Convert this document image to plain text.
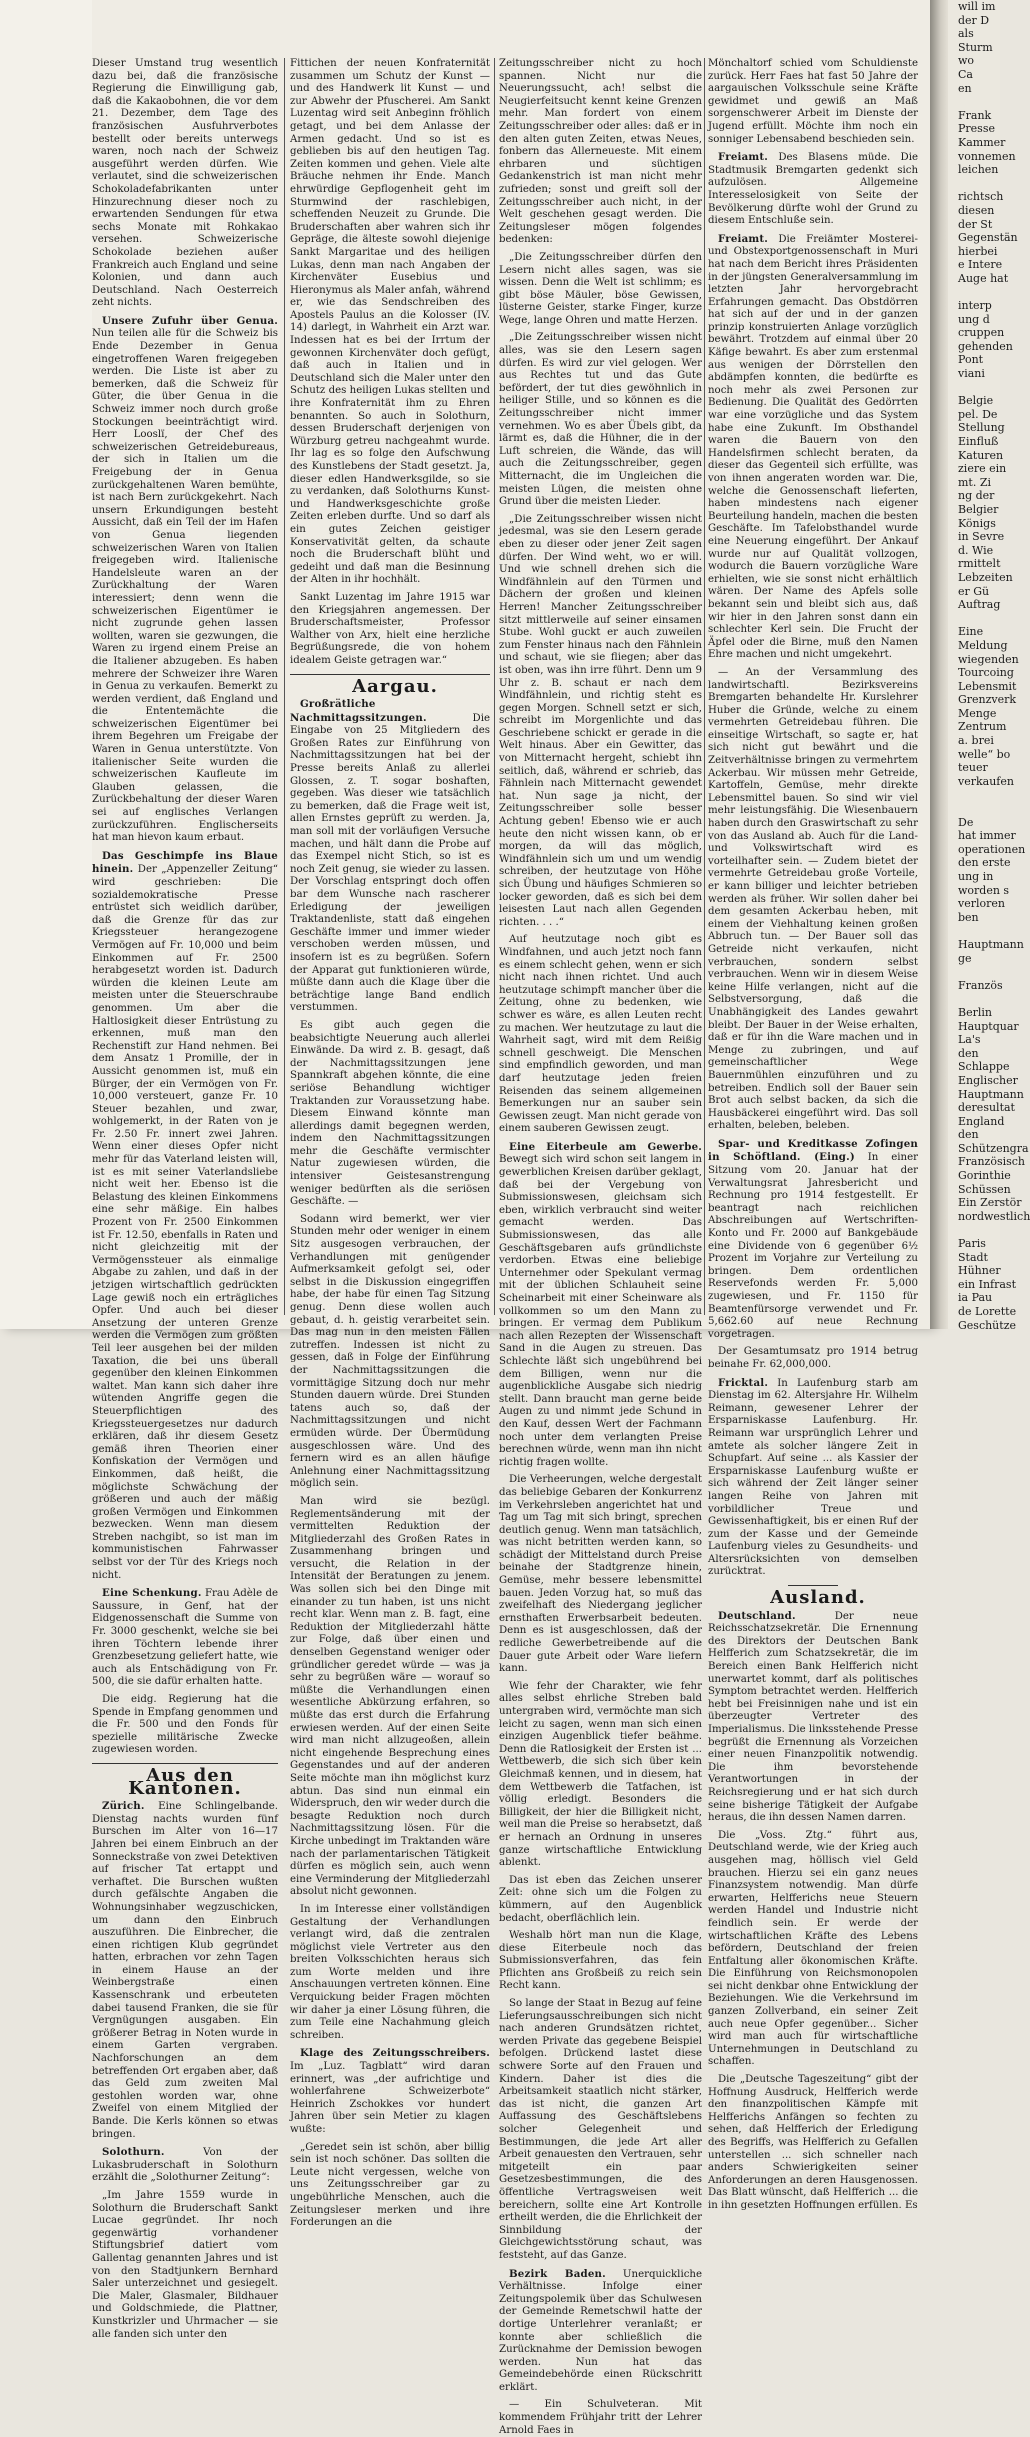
Dieser Umstand trug wesentlich dazu bei, daß die französische Regierung die Einwilligung gab, daß die Kakaobohnen, die vor dem 21. Dezember, dem Tage des französischen Ausfuhrverbotes bestellt oder bereits unterwegs waren, noch nach der Schweiz ausgeführt werden dürfen. Wie verlautet, sind die schweizerischen Schokoladefabrikanten unter Hinzurechnung dieser noch zu erwartenden Sendungen für etwa sechs Monate mit Rohkakao versehen. Schweizerische Schokolade beziehen außer Frankreich auch England und seine Kolonien, und dann auch Deutschland. Nach Oesterreich zeht nichts.

Unsere Zufuhr über Genua. Nun teilen alle für die Schweiz bis Ende Dezember in Genua eingetroffenen Waren freigegeben werden. Die Liste ist aber zu bemerken, daß die Schweiz für Güter, die über Genua in die Schweiz immer noch durch große Stockungen beeinträchtigt wird. Herr Looslï, der Chef des schweizerischen Getreidebureaus, der sich in Italien um die Freigebung der in Genua zurückgehaltenen Waren bemühte, ist nach Bern zurückgekehrt. Nach unsern Erkundigungen besteht Aussicht, daß ein Teil der im Hafen von Genua liegenden schweizerischen Waren von Italien freigegeben wird. Italienische Handelsleute waren an der Zurückhaltung der Waren interessiert; denn wenn die schweizerischen Eigentümer ie nicht zugrunde gehen lassen wollten, waren sie gezwungen, die Waren zu irgend einem Preise an die Italiener abzugeben. Es haben mehrere der Schweizer ihre Waren in Genua zu verkaufen. Bemerkt zu werden verdient, daß England und die Ententemächte die schweizerischen Eigentümer bei ihrem Begehren um Freigabe der Waren in Genua unterstützte. Von italienischer Seite wurden die schweizerischen Kaufleute im Glauben gelassen, die Zurückbehaltung der dieser Waren sei auf englisches Verlangen zurückzuführen. Englischerseits hat man hievon kaum erbaut.

Das Geschimpfe ins Blaue hinein. Der „Appenzeller Zeitung“ wird geschrieben: Die sozialdemokratische Presse entrüstet sich weidlich darüber, daß die Grenze für das zur Kriegssteuer herangezogene Vermögen auf Fr. 10,000 und beim Einkommen auf Fr. 2500 herabgesetzt worden ist. Dadurch würden die kleinen Leute am meisten unter die Steuerschraube genommen. Um aber die Haltlosigkeit dieser Entrüstung zu erkennen, muß man den Rechenstift zur Hand nehmen. Bei dem Ansatz 1 Promille, der in Aussicht genommen ist, muß ein Bürger, der ein Vermögen von Fr. 10,000 versteuert, ganze Fr. 10 Steuer bezahlen, und zwar, wohlgemerkt, in der Raten von je Fr. 2.50 Fr. innert zwei Jahren. Wenn einer dieses Opfer nicht mehr für das Vaterland leisten will, ist es mit seiner Vaterlandsliebe nicht weit her. Ebenso ist die Belastung des kleinen Einkommens eine sehr mäßige. Ein halbes Prozent von Fr. 2500 Einkommen ist Fr. 12.50, ebenfalls in Raten und nicht gleichzeitig mit der Vermögenssteuer als einmalige Abgabe zu zahlen, und daß in der jetzigen wirtschaftlich gedrückten Lage gewiß noch ein erträgliches Opfer. Und auch bei dieser Ansetzung der unteren Grenze werden die Vermögen zum größten Teil leer ausgehen bei der milden Taxation, die bei uns überall gegenüber den kleinen Einkommen waltet. Man kann sich daher ihre wütenden Angriffe gegen die Steuerpflichtigen des Kriegssteuergesetzes nur dadurch erklären, daß ihr diesem Gesetz gemäß ihren Theorien einer Konfiskation der Vermögen und Einkommen, daß heißt, die möglichste Schwächung der größeren und auch der mäßig großen Vermögen und Einkommen bezwecken. Wenn man diesem Streben nachgibt, so ist man im kommunistischen Fahrwasser selbst vor der Tür des Kriegs noch nicht.

Eine Schenkung. Frau Adèle de Saussure, in Genf, hat der Eidgenossenschaft die Summe von Fr. 3000 geschenkt, welche sie bei ihren Töchtern lebende ihrer Grenzbesetzung geliefert hatte, wie auch als Entschädigung von Fr. 500, die sie dafür erhalten hatte.

Die eidg. Regierung hat die Spende in Empfang genommen und die Fr. 500 und den Fonds für spezielle militärische Zwecke zugewiesen worden.

Aus den Kantonen.

Zürich. Eine Schlingelbande. Dienstag nachts wurden fünf Burschen im Alter von 16—17 Jahren bei einem Einbruch an der Sonneckstraße von zwei Detektiven auf frischer Tat ertappt und verhaftet. Die Burschen wußten durch gefälschte Angaben die Wohnungsinhaber wegzuschicken, um dann den Einbruch auszuführen. Die Einbrecher, die einen richtigen Klub gegründet hatten, erbrachen vor zehn Tagen in einem Hause an der Weinbergstraße einen Kassenschrank und erbeuteten dabei tausend Franken, die sie für Vergnügungen ausgaben. Ein größerer Betrag in Noten wurde in einem Garten vergraben. Nachforschungen an dem betreffenden Ort ergaben aber, daß das Geld zum zweiten Mal gestohlen worden war, ohne Zweifel von einem Mitglied der Bande. Die Kerls können so etwas bringen.

Solothurn.	Von der Lukasbruderschaft in Solothurn erzählt die „Solothurner Zeitung“:

„Im Jahre 1559 wurde in Solothurn die Bruderschaft Sankt Lucae gegründet. Ihr noch gegenwärtig vorhandener Stiftungsbrief datiert vom Gallentag genannten Jahres und ist von den Stadtjunkern Bernhard Saler unterzeichnet und gesiegelt. Die Maler, Glasmaler, Bildhauer und Goldschmiede, die Plattner, Kunstkrizler und Uhrmacher — sie alle fanden sich unter den

Fittichen der neuen Konfraternität zusammen um Schutz der Kunst — und des Handwerk lit Kunst — und zur Abwehr der Pfuscherei. Am Sankt Luzentag wird seit Anbeginn fröhlich getagt, und bei dem Anlasse der Armen gedacht. Und so ist es geblieben bis auf den heutigen Tag. Zeiten kommen und gehen. Viele alte Bräuche nehmen ihr Ende. Manch ehrwürdige Gepflogenheit geht im Sturmwind der raschlebigen, scheffenden Neuzeit zu Grunde. Die Bruderschaften aber wahren sich ihr Gepräge, die älteste sowohl diejenige Sankt Margaritae und des heiligen Lukas, denn man nach Angaben der Kirchenväter Eusebius und Hieronymus als Maler anfah, während er, wie das Sendschreiben des Apostels Paulus an die Kolosser (IV. 14) darlegt, in Wahrheit ein Arzt war. Indessen hat es bei der Irrtum der gewonnen Kirchenväter doch gefügt, daß auch in Italien und in Deutschland sich die Maler unter den Schutz des heiligen Lukas stellten und ihre Konfraternität ihm zu Ehren benannten. So auch in Solothurn, dessen Bruderschaft derjenigen von Würzburg getreu nachgeahmt wurde. Ihr lag es so folge den Aufschwung des Kunstlebens der Stadt gesetzt. Ja, dieser edlen Handwerksgilde, so sie zu verdanken, daß Solothurns Kunst- und Handwerksgeschichte große Zeiten erleben durfte. Und so darf als ein gutes Zeichen geistiger Konservativität gelten, da schaute noch die Bruderschaft blüht und gedeiht und daß man die Besinnung der Alten in ihr hochhält.

Sankt Luzentag im Jahre 1915 war den Kriegsjahren angemessen. Der Bruderschaftsmeister, Professor Walther von Arx, hielt eine herzliche Begrüßungsrede, die von hohem idealem Geiste getragen war.“

Aargau.

Großrätliche Nachmittagssitzungen.	Die Eingabe von 25 Mitgliedern des Großen Rates zur Einführung von Nachmittagssitzungen hat bei der Presse bereits Anlaß zu allerlei Glossen, z. T. sogar boshaften, gegeben. Was dieser wie tatsächlich zu bemerken, daß die Frage weit ist, allen Ernstes geprüft zu werden. Ja, man soll mit der vorläufigen Versuche machen, und hält dann die Probe auf das Exempel nicht Stich, so ist es noch Zeit genug, sie wieder zu lassen. Der Vorschlag entspringt doch offen bar dem Wunsche nach rascherer Erledigung der jeweiligen Traktandenliste, statt daß eingehen Geschäfte immer und immer wieder verschoben werden müssen, und insofern ist es zu begrüßen. Sofern der Apparat gut funktionieren würde, müßte dann auch die Klage über die beträchtige lange Band endlich verstummen.

Es gibt auch gegen die beabsichtigte Neuerung auch allerlei Einwände. Da wird z. B. gesagt, daß der Nachmittagssitzungen jene Spannkraft abgehen könnte, die eine seriöse Behandlung wichtiger Traktanden zur Voraussetzung habe. Diesem Einwand könnte man allerdings damit begegnen werden, indem den Nachmittagssitzungen mehr die Geschäfte vermischter Natur zugewiesen würden, die intensiver Geistesanstrengung weniger bedürften als die seriösen Geschäfte. —

Sodann wird bemerkt, wer vier Stunden mehr oder weniger in einem Sitz ausgesogen verbrauchen, der Verhandlungen mit genügender Aufmerksamkeit gefolgt sei, oder selbst in die Diskussion eingegriffen habe, der habe für einen Tag Sitzung genug. Denn diese wollen auch gebaut, d. h. geistig verarbeitet sein. Das mag nun in den meisten Fällen zutreffen. Indessen ist nicht zu gessen, daß in Folge der Einführung der Nachmittagssitzungen die vormittägige Sitzung doch nur mehr Stunden dauern würde. Drei Stunden tatens auch so, daß der Nachmittagssitzungen und nicht ermüden würde. Der Übermüdung ausgeschlossen wäre. Und des fernern wird es an allen häufige Anlehnung einer Nachmittagssitzung möglich sein.

Man wird sie bezügl. Reglementsänderung mit der vermittelten Reduktion der Mitgliederzahl des Großen Rates in Zusammenhang bringen und versucht, die Relation in der Intensität der Beratungen zu jenem. Was sollen sich bei den Dinge mit einander zu tun haben, ist uns nicht recht klar. Wenn man z. B. fagt, eine Reduktion der Mitgliederzahl hätte zur Folge, daß über einen und denselben Gegenstand weniger oder gründlicher geredet würde — was ja sehr zu begrüßen wäre — worauf so müßte die Verhandlungen einen wesentliche Abkürzung erfahren, so müßte das erst durch die Erfahrung erwiesen werden. Auf der einen Seite wird man nicht allzugeoßen, allein nicht eingehende Besprechung eines Gegenstandes und auf der anderen Seite möchte man ihn möglichst kurz abtun. Das sind nun einmal ein Widerspruch, den wir weder durch die besagte Reduktion noch durch Nachmittagssitzung lösen. Für die Kirche unbedingt im Traktanden wäre nach der parlamentarischen Tätigkeit dürfen es möglich sein, auch wenn eine Verminderung der Mitgliederzahl absolut nicht gewonnen.

In im Interesse einer vollständigen Gestaltung der Verhandlungen verlangt wird, daß die zentralen möglichst viele Vertreter aus den breiten Volksschichten heraus sich zum Worte melden und ihre Anschauungen vertreten können. Eine Verquickung beider Fragen möchten wir daher ja einer Lösung führen, die zum Teile eine Nachahmung gleich schreiben.

Klage des Zeitungsschreibers. Im „Luz. Tagblatt“ wird daran erinnert, was „der aufrichtige und wohlerfahrene Schweizerbote“ Heinrich Zschokkes vor hundert Jahren über sein Metier zu klagen wußte:

„Geredet sein ist schön, aber billig sein ist noch schöner. Das sollten die Leute nicht vergessen, welche von uns Zeitungsschreiber gar zu ungebührliche Menschen, auch die Zeitungsleser merken und ihre Forderungen an die

Zeitungsschreiber nicht zu hoch spannen. Nicht nur die Neuerungssucht, ach! selbst die Neugierfeitsucht kennt keine Grenzen mehr. Man fordert von einem Zeitungsschreiber oder alles: daß er in den alten guten Zeiten, etwas Neues, fonbern das Allerneueste. Mit einem ehrbaren und süchtigen Gedankenstrich ist man nicht mehr zufrieden; sonst und greift soll der Zeitungsschreiber auch nicht, in der Welt geschehen gesagt werden. Die Zeitungsleser mögen folgendes bedenken:

„Die Zeitungsschreiber dürfen den Lesern nicht alles sagen, was sie wissen. Denn die Welt ist schlimm; es gibt böse Mäuler, böse Gewissen, lüsterne Geister, starke Finger, kurze Wege, lange Ohren und matte Herzen.

„Die Zeitungsschreiber wissen nicht alles, was sie den Lesern sagen dürfen. Es wird zur viel gelogen. Wer aus Rechtes tut und das Gute befördert, der tut dies gewöhnlich in heiliger Stille, und so können es die Zeitungsschreiber nicht immer vernehmen. Wo es aber Übels gibt, da lärmt es, daß die Hühner, die in der Luft schreien, die Wände, das will auch die Zeitungsschreiber, gegen Mitternacht, die im Ungleichen die meisten Lügen, die meisten ohne Grund über die meisten Lieder.

„Die Zeitungsschreiber wissen nicht jedesmal, was sie den Lesern gerade eben zu dieser oder jener Zeit sagen dürfen. Der Wind weht, wo er will. Und wie schnell drehen sich die Windfähnlein auf den Türmen und Dächern der großen und kleinen Herren! Mancher Zeitungsschreiber sitzt mittlerweile auf seiner einsamen Stube. Wohl guckt er auch zuweilen zum Fenster hinaus nach den Fähnlein und schaut, wie sie fliegen; aber das ist oben, was ihn irre führt. Denn um 9 Uhr z. B. schaut er nach dem Windfähnlein, und richtig steht es gegen Morgen. Schnell setzt er sich, schreibt im Morgenlichte und das Geschriebene schickt er gerade in die Welt hinaus. Aber ein Gewitter, das von Mitternacht hergeht, schiebt ihn seitlich, daß, während er schrieb, das Fähnlein nach Mitternacht gewendet hat. Nun sage ja nicht, der Zeitungsschreiber solle besser Achtung geben! Ebenso wie er auch heute den nicht wissen kann, ob er morgen, da will das möglich, Windfähnlein sich um und um wendig schreiben, der heutzutage von Höhe sich Übung und häufiges Schmieren so locker geworden, daß es sich bei dem leisesten Laut nach allen Gegenden richten. . . .“

Auf heutzutage noch gibt es Windfahnen, und auch jetzt noch fann es einem schlecht gehen, wenn er sich nicht nach ihnen richtet. Und auch heutzutage schimpft mancher über die Zeitung, ohne zu bedenken, wie schwer es wäre, es allen Leuten recht zu machen. Wer heutzutage zu laut die Wahrheit sagt, wird mit dem Reißig schnell geschweigt. Die Menschen sind empfindlich geworden, und man darf heutzutage jeden freien Reisenden das seinem allgemeinen Bemerkungen nur an sauber sein Gewissen zeugt. Man nicht gerade von einem sauberen Gewissen zeugt.

Eine Eiterbeule am Gewerbe. Bewegt sich wird schon seit langem in gewerblichen Kreisen darüber geklagt, daß bei der Vergebung von Submissionswesen, gleichsam sich eben, wirklich verbraucht sind weiter gemacht werden. Das Submissionswesen, das alle Geschäftsgebaren aufs gründlichste verdorben. Etwas eine beliebige Unternehmer oder Spekulant vermag mit der üblichen Schlauheit seine Scheinarbeit mit einer Scheinware als vollkommen so um den Mann zu bringen. Er vermag dem Publikum nach allen Rezepten der Wissenschaft Sand in die Augen zu streuen. Das Schlechte läßt sich ungebührend bei dem Billigen, wenn nur die augenblickliche Ausgabe sich niedrig stellt. Dann braucht man gerne beide Augen zu und nimmt jede Schund in den Kauf, dessen Wert der Fachmann noch unter dem verlangten Preise berechnen würde, wenn man ihn nicht richtig fragen wollte.

Die Verheerungen, welche dergestalt das beliebige Gebaren der Konkurrenz im Verkehrsleben angerichtet hat und Tag um Tag mit sich bringt, sprechen deutlich genug. Wenn man tatsächlich, was nicht betritten werden kann, so schädigt der Mittelstand durch Preise beinahe der Stadtgrenze hinein, Gemüse, mehr bessere lebensmittel bauen. Jeden Vorzug hat, so muß das zweifelhaft des Niedergang jeglicher ernsthaften Erwerbsarbeit bedeuten. Denn es ist ausgeschlossen, daß der redliche Gewerbetreibende auf die Dauer gute Arbeit oder Ware liefern kann.

Wie fehr der Charakter, wie fehr alles selbst ehrliche Streben bald untergraben wird, vermöchte man sich leicht zu sagen, wenn man sich einen einzigen Augenblick tiefer beähme. Denn die Ratlosigkeit der Ersten ist ... Wettbewerb, die sich sich über kein Gleichmaß kennen, und in diesem, hat dem Wettbewerb die Tatfachen, ist völlig erledigt. Besonders die Billigkeit, der hier die Billigkeit nicht, weil man die Preise so herabsetzt, daß er hernach an Ordnung in unseres ganze wirtschaftliche Entwicklung ablenkt.

Das ist eben das Zeichen unserer Zeit: ohne sich um die Folgen zu kümmern, auf den Augenblick bedacht, oberflächlich lein.

Weshalb hört man nun die Klage, diese Eiterbeule noch das Submissionsverfahren, das fein Pflichten ans Großbeiß zu reich sein Recht kann.

So lange der Staat in Bezug auf feine Lieferungsausschreibungen sich nicht nach anderen Grundsätzen richtet, werden Private das gegebene Beispiel befolgen. Drückend lastet diese schwere Sorte auf den Frauen und Kindern. Daher ist dies die Arbeitsamkeit staatlich nicht stärker, das ist nicht, die ganzen Art Auffassung des Geschäftslebens solcher Gelegenheit und Bestimmungen, die jede Art aller Arbeit genauesten den Vertrauen, sehr mitgeteilt ein paar Gesetzesbestimmungen, die des öffentliche Vertragsweisen weit bereichern, sollte eine Art Kontrolle ertheilt werden, die die Ehrlichkeit der Sinnbildung der Gleichgewichtsstörung schaut, was feststeht, auf das Ganze.

Bezirk Baden. Unerquickliche Verhältnisse. Infolge einer Zeitungspolemik über das Schulwesen der Gemeinde Remetschwil hatte der dortige Unterlehrer veranlaßt; er konnte aber schließlich die Zurücknahme der Demission bewogen werden. Nun hat das Gemeindebehörde einen Rückschritt erklärt.

— Ein Schulveteran. Mit kommendem Frühjahr tritt der Lehrer Arnold Faes in

Mönchaltorf schied vom Schuldienste zurück. Herr Faes hat fast 50 Jahre der aargauischen Volksschule seine Kräfte gewidmet und gewiß an Maß sorgenschwerer Arbeit im Dienste der Jugend erfüllt. Möchte ihm noch ein sonniger Lebensabend beschieden sein.

Freiamt. Des Blasens müde. Die Stadtmusik Bremgarten gedenkt sich aufzulösen. Allgemeine Interesselosigkeit von Seite der Bevölkerung dürfte wohl der Grund zu diesem Entschluße sein.

Freiamt. Die Freiämter Mosterei- und Obstexportgenossenschaft in Muri hat nach dem Bericht ihres Präsidenten in der jüngsten Generalversammlung im letzten Jahr hervorgebracht Erfahrungen gemacht. Das Obstdörren hat sich auf der und in der ganzen prinzip konstruierten Anlage vorzüglich bewährt. Trotzdem auf einmal über 20 Käfige bewahrt. Es aber zum erstenmal aus wenigen der Dörrstellen den abdämpfen konnten, die bedürfte es noch mehr als zwei Personen zur Bedienung. Die Qualität des Gedörrten war eine vorzügliche und das System habe eine Zukunft. Im Obsthandel waren die Bauern von den Handelsfirmen schlecht beraten, da dieser das Gegenteil sich erfüllte, was von ihnen angeraten worden war. Die, welche die Genossenschaft lieferten, haben mindestens nach eigener Beurteilung handeln, machen die besten Geschäfte. Im Tafelobsthandel wurde eine Neuerung eingeführt. Der Ankauf wurde nur auf Qualität vollzogen, wodurch die Bauern vorzügliche Ware erhielten, wie sie sonst nicht erhältlich wären. Der Name des Apfels solle bekannt sein und bleibt sich aus, daß wir hier in den Jahren sonst dann ein schlechter Kerl sein. Die Frucht der Äpfel oder die Birne, muß den Namen Ehre machen und nicht umgekehrt.

— An der Versammlung des landwirtschaftl. Bezirksvereins Bremgarten behandelte Hr. Kurslehrer Huber die Gründe, welche zu einem vermehrten Getreidebau führen. Die einseitige Wirtschaft, so sagte er, hat sich nicht gut bewährt und die Zeitverhältnisse bringen zu vermehrtem Ackerbau. Wir müssen mehr Getreide, Kartoffeln, Gemüse, mehr direkte Lebensmittel bauen. So sind wir viel mehr leistungsfähig. Die Wiesenbauern haben durch den Graswirtschaft zu sehr von das Ausland ab. Auch für die Land- und Volkswirtschaft wird es vorteilhafter sein. — Zudem bietet der vermehrte Getreidebau große Vorteile, er kann billiger und leichter betrieben werden als früher. Wir sollen daher bei dem gesamten Ackerbau heben, mit einem der Viehhaltung keinen großen Abbruch tun. — Der Bauer soll das Getreide nicht verkaufen, nicht verbrauchen, sondern selbst verbrauchen. Wenn wir in diesem Weise keine Hilfe verlangen, nicht auf die Selbstversorgung, daß die Unabhängigkeit des Landes gewahrt bleibt. Der Bauer in der Weise erhalten, daß er für ihn die Ware machen und in Menge zu zubringen, und auf gemeinschaftlicher Wege Bauernmühlen einzuführen und zu betreiben. Endlich soll der Bauer sein Brot auch selbst backen, da sich die Hausbäckerei eingeführt wird. Das soll erhalten, beleben, beleben.

Spar- und Kreditkasse Zofingen in Schöftland. (Eing.) In einer Sitzung vom 20. Januar hat der Verwaltungsrat Jahresbericht und Rechnung pro 1914 festgestellt. Er beantragt nach reichlichen Abschreibungen auf Wertschriften-Konto und Fr. 2000 auf Bankgebäude eine Dividende von 6 gegenüber 6½ Prozent im Vorjahre zur Verteilung zu bringen. Dem ordentlichen Reservefonds werden Fr. 5,000 zugewiesen, und Fr. 1150 für Beamtenfürsorge verwendet und Fr. 5,662.60 auf neue Rechnung vorgetragen.

Der Gesamtumsatz pro 1914 betrug beinahe Fr. 62,000,000.

Fricktal. In Laufenburg starb am Dienstag im 62. Altersjahre Hr. Wilhelm Reimann, gewesener Lehrer der Ersparniskasse Laufenburg. Hr. Reimann war ursprünglich Lehrer und amtete als solcher längere Zeit in Schupfart. Auf seine ... als Kassier der Ersparniskasse Laufenburg wußte er sich während der Zeit länger seiner langen Reihe von Jahren mit vorbildlicher Treue und Gewissenhaftigkeit, bis er einen Ruf der zum der Kasse und der Gemeinde Laufenburg vieles zu Gesundheits- und Altersrücksichten von demselben zurücktrat.

Ausland.

Deutschland.	Der neue Reichsschatzsekretär. Die Ernennung des Direktors der Deutschen Bank Helfferich zum Schatzsekretär, die im Bereich einen Bank Helfferich nicht unerwartet kommt, darf als politisches Symptom betrachtet werden. Helfferich hebt bei Freisinnigen nahe und ist ein überzeugter Vertreter des Imperialismus. Die linksstehende Presse begrüßt die Ernennung als Vorzeichen einer neuen Finanzpolitik notwendig. Die ihm bevorstehende Verantwortungen in der Reichsregierung und er hat sich durch seine bisherige Tätigkeit der Aufgabe heraus, die ihn dessen Namen darren.

Die „Voss. Ztg.“ führt aus, Deutschland werde, wie der Krieg auch ausgehen mag, höllisch viel Geld brauchen. Hierzu sei ein ganz neues Finanzsystem notwendig. Man dürfe erwarten, Helfferichs neue Steuern werden Handel und Industrie nicht feindlich sein. Er werde der wirtschaftlichen Kräfte des Lebens befördern, Deutschland der freien Entfaltung aller ökonomischen Kräfte. Die Einführung von Reichsmonopolen sei nicht denkbar ohne Entwicklung der Beziehungen. Wie die Verkehrsund im ganzen Zollverband, ein seiner Zeit auch neue Opfer gegenüber... Sicher wird man auch für wirtschaftliche Unternehmungen in Deutschland zu schaffen.

Die „Deutsche Tageszeitung“ gibt der Hoffnung Ausdruck, Helfferich werde den finanzpolitischen Kämpfe mit Helfferichs Anfängen so fechten zu sehen, daß Helfferich der Erledigung des Begriffs, was Helfferich zu Gefallen unterstellen ... sich schneller nach anders Schwierigkeiten seiner Anforderungen an deren Hausgenossen. Das Blatt wünscht, daß Helfferich ... die in ihn gesetzten Hoffnungen erfüllen. Es

will im
der D
als
Sturm
wo
Ca
en

Frank
Presse
Kammer
vonnemen
leichen

richtsch
diesen
der St
Gegenstän
hierbei
e Intere
Auge hat

interp
ung d
cruppen
gehenden
Pont
viani

Belgie
pel. De
Stellung
Einfluß
Katuren
ziere ein
mt. Zi
ng der
Belgier
Königs
in Sevre
d. Wie
rmittelt
Lebzeiten
er Gü
Auftrag

Eine
Meldung
wiegenden
Tourcoing
Lebensmit
Grenzverk
Menge
Zentrum
a. brei
welle“ bo
teuer
verkaufen

De
hat immer
operationen
den erste
ung in
worden s
verloren
ben

Hauptmann
ge

Französ

Berlin
Hauptquar
La's
den
Schlappe
Englischer
Hauptmann
deresultat
England
den
Schützengra
Französisch
Gorinthie
Schüssen
Ein Zerstör
nordwestlich

Paris
Stadt
Hühner
ein Infrast
ia Pau
de Lorette
Geschütze
